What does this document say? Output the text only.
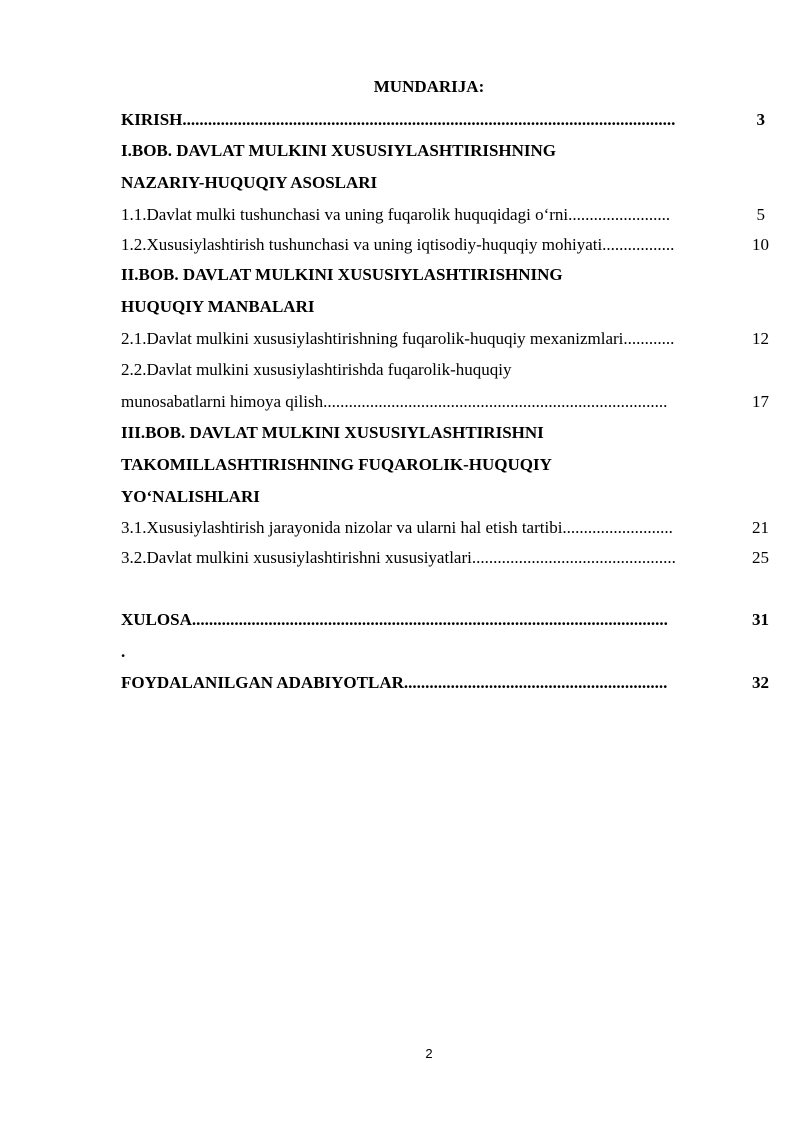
MUNDARIJA:
KIRISH....................................................................................................................	3
I.BOB. DAVLAT MULKINI XUSUSIYLASHTIRISHNING
NAZARIY-HUQUQIY ASOSLARI
1.1.Davlat mulki tushunchasi va uning fuqarolik huquqidagi o‘rni........................	5
1.2.Xususiylashtirish tushunchasi va uning iqtisodiy-huquqiy mohiyati.................	10
II.BOB. DAVLAT MULKINI XUSUSIYLASHTIRISHNING
HUQUQIY MANBALARI
2.1.Davlat mulkini xususiylashtirishning fuqarolik-huquqiy mexanizmlari............	12
2.2.Davlat mulkini xususiylashtirishda fuqarolik-huquqiy
munosabatlarni himoya qilish.................................................................................	17
III.BOB. DAVLAT MULKINI XUSUSIYLASHTIRISHNI
TAKOMILLASHTIRISHNING FUQAROLIK-HUQUQIY
YO‘NALISHLARI
3.1.Xususiylashtirish jarayonida nizolar va ularni hal etish tartibi..........................	21
3.2.Davlat mulkini xususiylashtirishni xususiyatlari................................................	25
XULOSA................................................................................................................	31
.
FOYDALANILGAN ADABIYOTLAR..............................................................	32
2
